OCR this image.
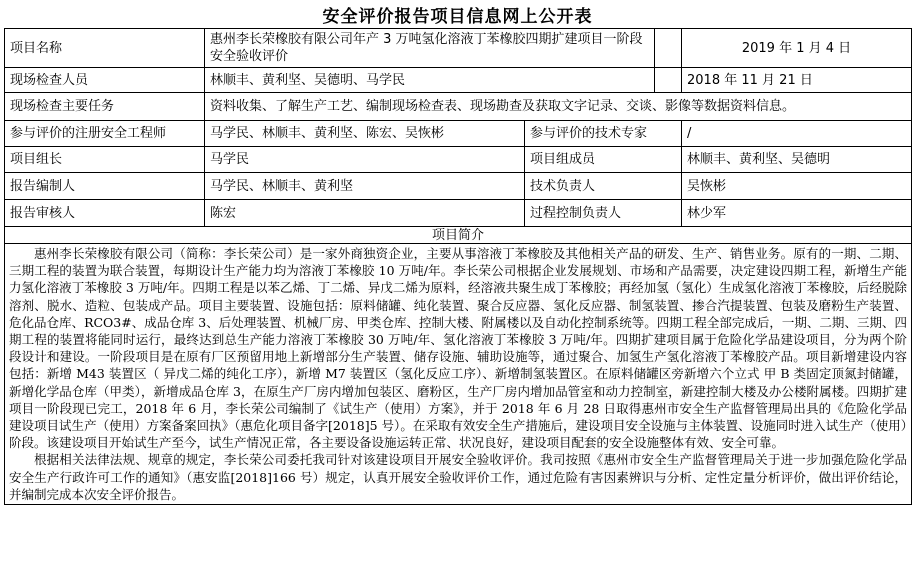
安全评价报告项目信息网上公开表
项目名称	惠州李长荣橡胶有限公司年产 3 万吨氢化溶液丁苯橡胶四期扩建项目一阶段安全验收评价			2019 年 1 月 4 日
现场检查人员	林顺丰、黄利坚、吴德明、马学民			2018 年 11 月 21 日
现场检查主要任务	资料收集、了解生产工艺、编制现场检查表、现场勘查及获取文字记录、交谈、影像等数据资料信息。			
参与评价的注册安全工程师	马学民、林顺丰、黄利坚、陈宏、吴恢彬	参与评价的技术专家		/
项目组长	马学民	项目组成员		林顺丰、黄利坚、吴德明
报告编制人	马学民、林顺丰、黄利坚	技术负责人		吴恢彬
报告审核人	陈宏	过程控制负责人		林少军
项目简介				

惠州李长荣橡胶有限公司（简称：李长荣公司）是一家外商独资企业，主要从事溶液丁苯橡胶及其他相关产品的研发、生产、销售业务。原有的一期、二期、三期工程的装置为联合装置，每期设计生产能力均为溶液丁苯橡胶 10 万吨/年。李长荣公司根据企业发展规划、市场和产品需要，决定建设四期工程，新增生产能力氢化溶液丁苯橡胶 3 万吨/年。四期工程是以苯乙烯、丁二烯、异戊二烯为原料，经溶液共聚生成丁苯橡胶；再经加氢（氢化）生成氢化溶液丁苯橡胶，后经脱除溶剂、脱水、造粒、包装成产品。项目主要装置、设施包括：原料储罐、纯化装置、聚合反应器、氢化反应器、制氢装置、掺合汽提装置、包装及磨粉生产装置、危化品仓库、RCO3#、成品仓库 3、后处理装置、机械厂房、甲类仓库、控制大楼、附属楼以及自动化控制系统等。四期工程全部完成后，一期、二期、三期、四期工程的装置将能同时运行，最终达到总生产能力溶液丁苯橡胶 30 万吨/年、氢化溶液丁苯橡胶 3 万吨/年。四期扩建项目属于危险化学品建设项目，分为两个阶段设计和建设。一阶段项目是在原有厂区预留用地上新增部分生产装置、储存设施、辅助设施等，通过聚合、加氢生产氢化溶液丁苯橡胶产品。项目新增建设内容包括：新增 M43 装置区（ 异戊二烯的纯化工序），新增 M7 装置区（氢化反应工序）、新增制氢装置区。在原料储罐区旁新增六个立式 甲 B 类固定顶氮封储罐，新增化学品仓库（甲类），新增成品仓库 3，在原生产厂房内增加包装区、磨粉区，生产厂房内增加品管室和动力控制室，新建控制大楼及办公楼附属楼。四期扩建项目一阶段现已完工，2018 年 6 月，李长荣公司编制了《试生产（使用）方案》，并于 2018 年 6 月 28 日取得惠州市安全生产监督管理局出具的《危险化学品建设项目试生产（使用）方案备案回执》（惠危化项目备字[2018]5 号）。在采取有效安全生产措施后，建设项目安全设施与主体装置、设施同时进入试生产（使用）阶段。该建设项目开始试生产至今，试生产情况正常，各主要设备设施运转正常、状况良好，建设项目配套的安全设施整体有效、安全可靠。

根据相关法律法规、规章的规定，李长荣公司委托我司针对该建设项目开展安全验收评价。我司按照《惠州市安全生产监督管理局关于进一步加强危险化学品安全生产行政许可工作的通知》（惠安监[2018]166 号）规定，认真开展安全验收评价工作，通过危险有害因素辨识与分析、定性定量分析评价，做出评价结论，并编制完成本次安全评价报告。				
